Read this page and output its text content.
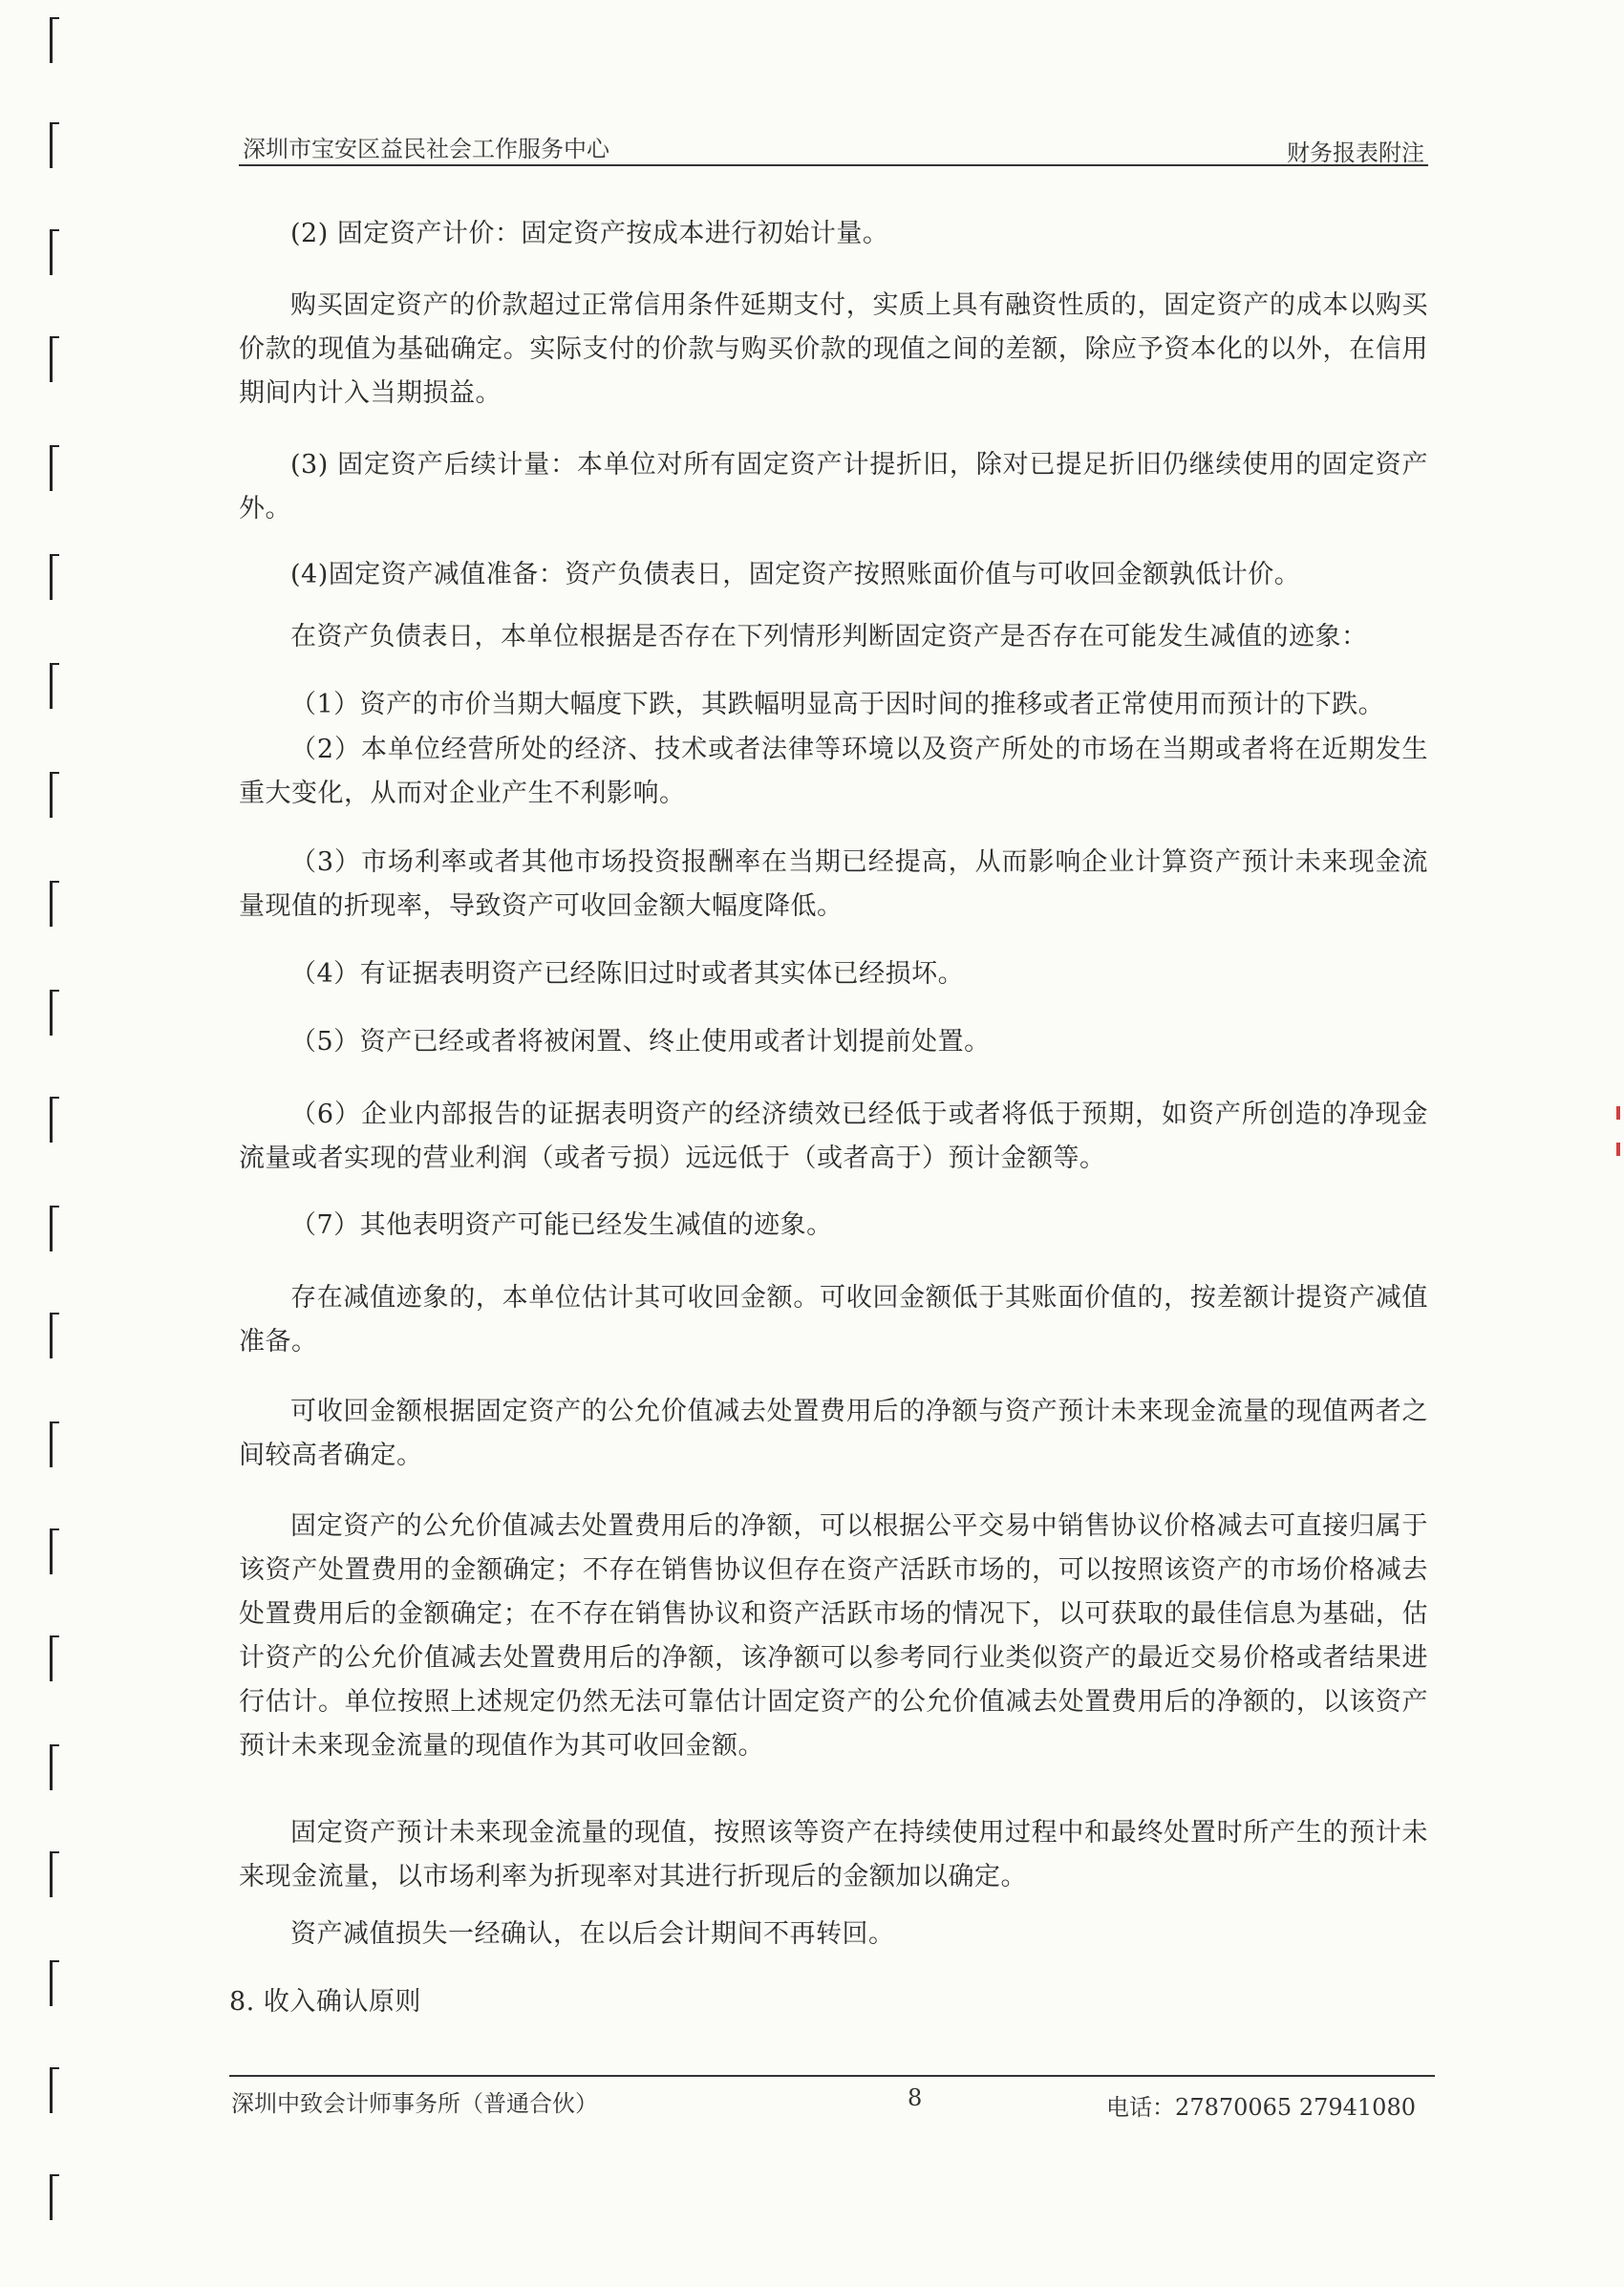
深圳市宝安区益民社会工作服务中心	财务报表附注

(2) 固定资产计价：固定资产按成本进行初始计量。

购买固定资产的价款超过正常信用条件延期支付，实质上具有融资性质的，固定资产的成本以购买价款的现值为基础确定。实际支付的价款与购买价款的现值之间的差额，除应予资本化的以外，在信用期间内计入当期损益。

(3) 固定资产后续计量：本单位对所有固定资产计提折旧，除对已提足折旧仍继续使用的固定资产外。

(4)固定资产减值准备：资产负债表日，固定资产按照账面价值与可收回金额孰低计价。

在资产负债表日，本单位根据是否存在下列情形判断固定资产是否存在可能发生减值的迹象：

（1）资产的市价当期大幅度下跌，其跌幅明显高于因时间的推移或者正常使用而预计的下跌。

（2）本单位经营所处的经济、技术或者法律等环境以及资产所处的市场在当期或者将在近期发生重大变化，从而对企业产生不利影响。

（3）市场利率或者其他市场投资报酬率在当期已经提高，从而影响企业计算资产预计未来现金流量现值的折现率，导致资产可收回金额大幅度降低。

（4）有证据表明资产已经陈旧过时或者其实体已经损坏。

（5）资产已经或者将被闲置、终止使用或者计划提前处置。

（6）企业内部报告的证据表明资产的经济绩效已经低于或者将低于预期，如资产所创造的净现金流量或者实现的营业利润（或者亏损）远远低于（或者高于）预计金额等。

（7）其他表明资产可能已经发生减值的迹象。

存在减值迹象的，本单位估计其可收回金额。可收回金额低于其账面价值的，按差额计提资产减值准备。

可收回金额根据固定资产的公允价值减去处置费用后的净额与资产预计未来现金流量的现值两者之间较高者确定。

固定资产的公允价值减去处置费用后的净额，可以根据公平交易中销售协议价格减去可直接归属于该资产处置费用的金额确定；不存在销售协议但存在资产活跃市场的，可以按照该资产的市场价格减去处置费用后的金额确定；在不存在销售协议和资产活跃市场的情况下，以可获取的最佳信息为基础，估计资产的公允价值减去处置费用后的净额，该净额可以参考同行业类似资产的最近交易价格或者结果进行估计。单位按照上述规定仍然无法可靠估计固定资产的公允价值减去处置费用后的净额的，以该资产预计未来现金流量的现值作为其可收回金额。

固定资产预计未来现金流量的现值，按照该等资产在持续使用过程中和最终处置时所产生的预计未来现金流量，以市场利率为折现率对其进行折现后的金额加以确定。

资产减值损失一经确认，在以后会计期间不再转回。

8. 收入确认原则

深圳中致会计师事务所（普通合伙）	8	电话：27870065 27941080
